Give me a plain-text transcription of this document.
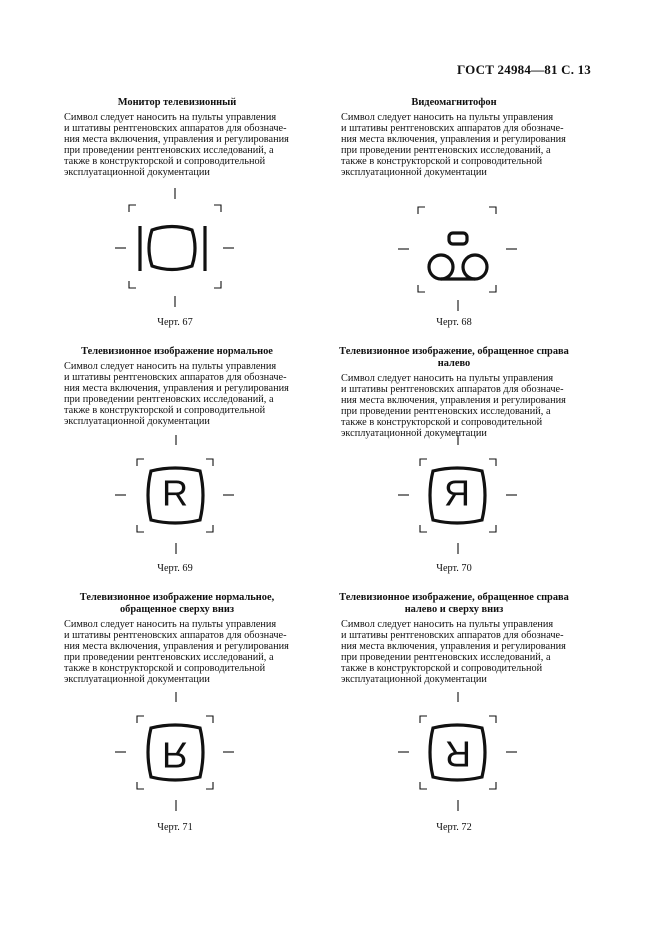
ГОСТ 24984—81 С. 13
Монитор телевизионный
Символ следует наносить на пульты управления
и штативы рентгеновских аппаратов для обозначе-
ния места включения, управления и регулирования
при проведении рентгеновских исследований, а
также в конструкторской и сопроводительной
эксплуатационной документации
Видеомагнитофон
Символ следует наносить на пульты управления
и штативы рентгеновских аппаратов для обозначе-
ния места включения, управления и регулирования
при проведении рентгеновских исследований, а
также в конструкторской и сопроводительной
эксплуатационной документации
Черт. 67	Черт. 68
Телевизионное изображение нормальное
Символ следует наносить на пульты управления
и штативы рентгеновских аппаратов для обозначе-
ния места включения, управления и регулирования
при проведении рентгеновских исследований, а
также в конструкторской и сопроводительной
эксплуатационной документации
Телевизионное изображение, обращенное справа налево
Символ следует наносить на пульты управления
и штативы рентгеновских аппаратов для обозначе-
ния места включения, управления и регулирования
при проведении рентгеновских исследований, а
также в конструкторской и сопроводительной
эксплуатационной документации
R
Черт. 69
R
Черт. 70
Телевизионное изображение нормальное,
обращенное сверху вниз
Символ следует наносить на пульты управления
и штативы рентгеновских аппаратов для обозначе-
ния места включения, управления и регулирования
при проведении рентгеновских исследований, а
также в конструкторской и сопроводительной
эксплуатационной документации
Телевизионное изображение, обращенное справа
налево и сверху вниз
Символ следует наносить на пульты управления
и штативы рентгеновских аппаратов для обозначе-
ния места включения, управления и регулирования
при проведении рентгеновских исследований, а
также в конструкторской и сопроводительной
эксплуатационной документации
R
Черт. 71
R
Черт. 72
